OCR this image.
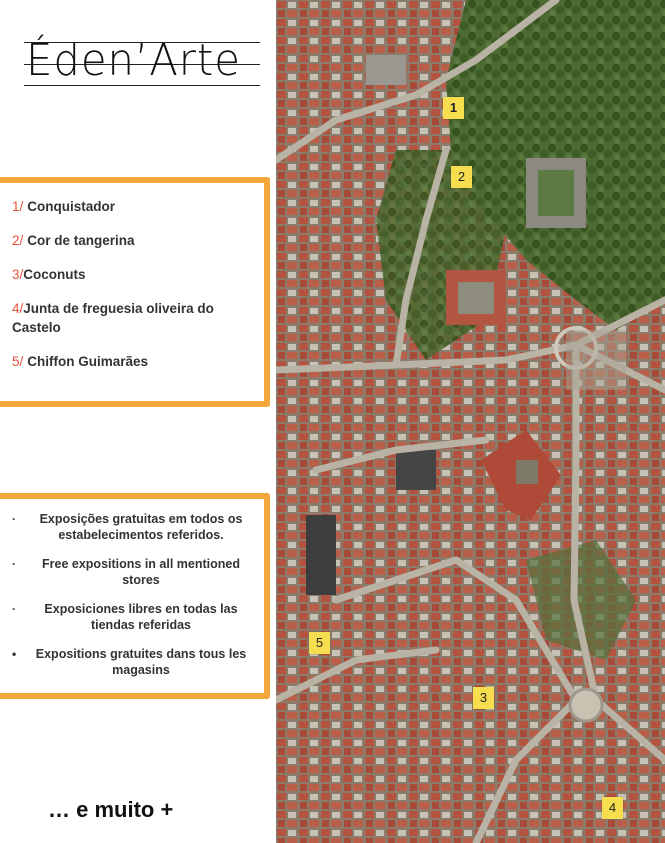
Éden’Arte
1/ Conquistador
2/ Cor de tangerina
3/Coconuts
4/Junta de freguesia oliveira do Castelo
5/ Chiffon Guimarães
· Exposições gratuitas em todos os estabelecimentos referidos.
· Free expositions in all mentioned stores
· Exposiciones libres en todas las tiendas referidas
• Expositions gratuites dans tous les magasins
… e muito +
1
2
3
4
5
